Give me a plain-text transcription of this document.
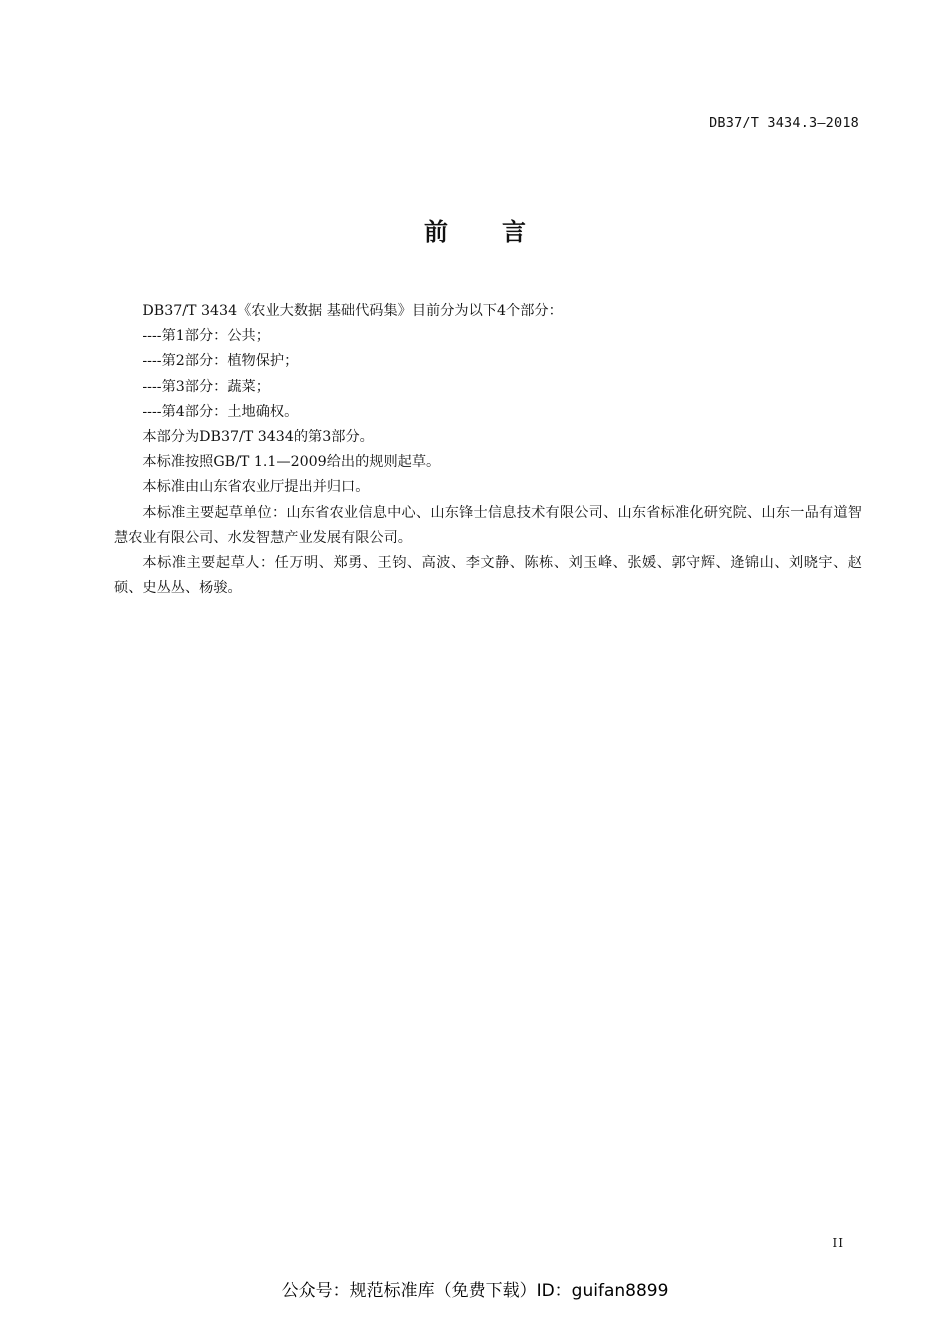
DB37/T 3434.3—2018
前言

DB37/T 3434《农业大数据 基础代码集》目前分为以下4个部分：

----第1部分：公共；

----第2部分：植物保护；

----第3部分：蔬菜；

----第4部分：土地确权。

本部分为DB37/T 3434的第3部分。

本标准按照GB/T 1.1—2009给出的规则起草。

本标准由山东省农业厅提出并归口。

本标准主要起草单位：山东省农业信息中心、山东锋士信息技术有限公司、山东省标准化研究院、山东一品有道智慧农业有限公司、水发智慧产业发展有限公司。

本标准主要起草人：任万明、郑勇、王钧、高波、李文静、陈栋、刘玉峰、张媛、郭守辉、逄锦山、刘晓宇、赵硕、史丛丛、杨骏。

II
公众号：规范标准库（免费下载）ID：guifan8899
